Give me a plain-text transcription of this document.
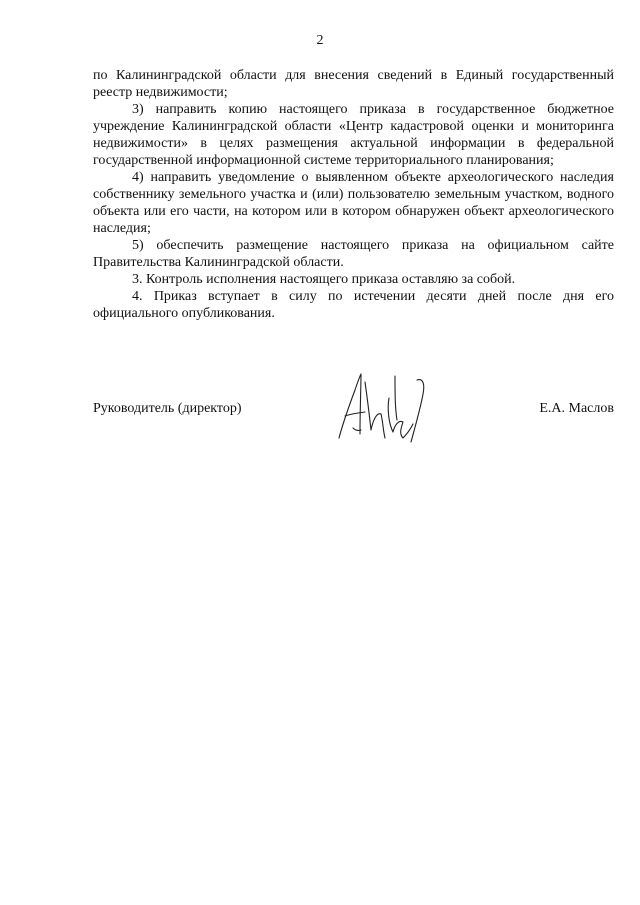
2

по Калининградской области для внесения сведений в Единый государственный реестр недвижимости;

3) направить копию настоящего приказа в государственное бюджетное учреждение Калининградской области «Центр кадастровой оценки и мониторинга недвижимости» в целях размещения актуальной информации в федеральной государственной информационной системе территориального планирования;

4) направить уведомление о выявленном объекте археологического наследия собственнику земельного участка и (или) пользователю земельным участком, водного объекта или его части, на котором или в котором обнаружен объект археологического наследия;

5) обеспечить размещение настоящего приказа на официальном сайте Правительства Калининградской области.

3. Контроль исполнения настоящего приказа оставляю за собой.

4. Приказ вступает в силу по истечении десяти дней после дня его официального опубликования.

Руководитель (директор)	Е.А. Маслов
